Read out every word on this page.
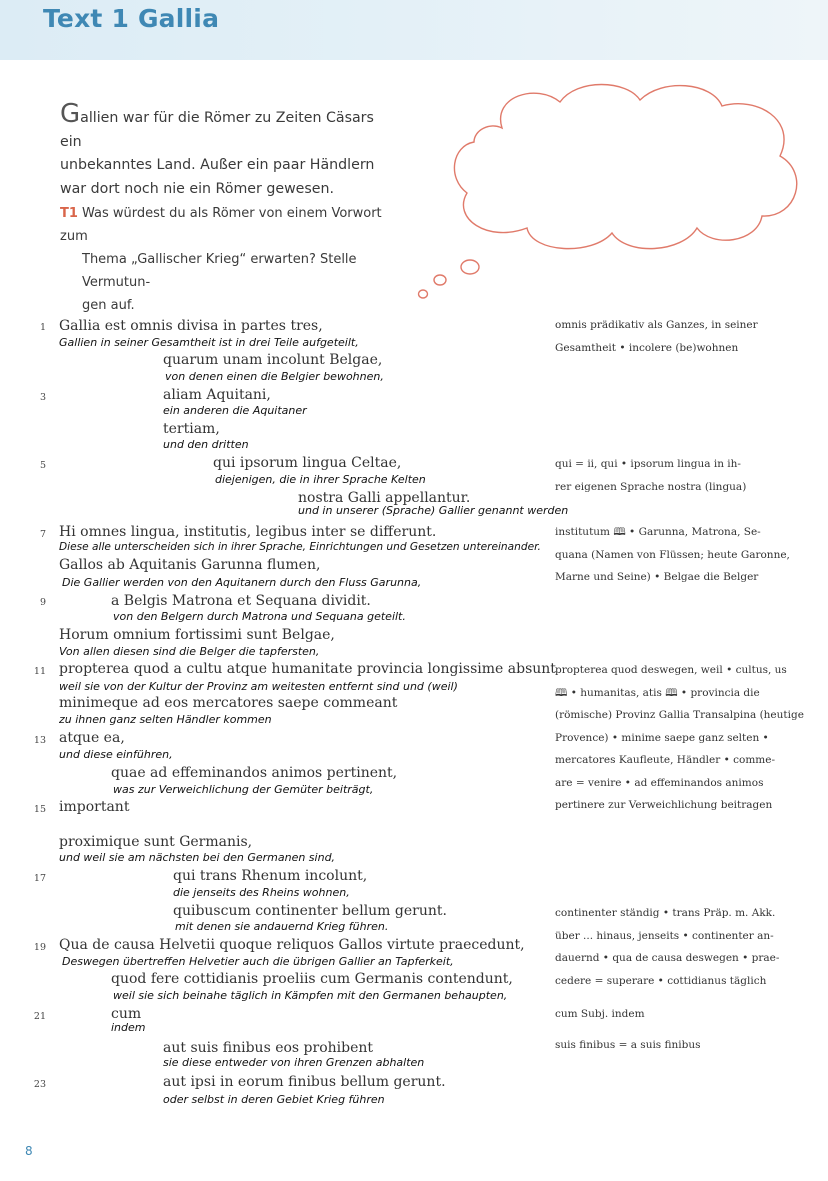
Text 1 Gallia
Gallien war für die Römer zu Zeiten Cäsars ein
unbekanntes Land. Außer ein paar Händlern
war dort noch nie ein Römer gewesen.
T1 Was würdest du als Römer von einem Vorwort zum
Thema „Gallischer Krieg“ erwarten? Stelle Vermutun-
gen auf.
1
3
5
7
9
11
13
15
17
19
21
23
Gallia est omnis divisa in partes tres,
quarum unam incolunt Belgae,
aliam Aquitani,
tertiam,
qui ipsorum lingua Celtae,
nostra Galli appellantur.
Hi omnes lingua, institutis, legibus inter se differunt.
Gallos ab Aquitanis Garunna flumen,
a Belgis Matrona et Sequana dividit.
Horum omnium fortissimi sunt Belgae,
propterea quod a cultu atque humanitate provincia longissime absunt
minimeque ad eos mercatores saepe commeant
atque ea,
quae ad effeminandos animos pertinent,
important
proximique sunt Germanis,
qui trans Rhenum incolunt,
quibuscum continenter bellum gerunt.
Qua de causa Helvetii quoque reliquos Gallos virtute praecedunt,
quod fere cottidianis proeliis cum Germanis contendunt,
cum
aut suis finibus eos prohibent
aut ipsi in eorum finibus bellum gerunt.
Gallien in seiner Gesamtheit ist in drei Teile aufgeteilt,
von denen einen die Belgier bewohnen,
ein anderen die Aquitaner
und den dritten
diejenigen, die in ihrer Sprache Kelten
und in unserer (Sprache) Gallier genannt werden
Diese alle unterscheiden sich in ihrer Sprache, Einrichtungen und Gesetzen untereinander.
Die Gallier werden von den Aquitanern durch den Fluss Garunna,
von den Belgern durch Matrona und Sequana geteilt.
Von allen diesen sind die Belger die tapfersten,
weil sie von der Kultur der Provinz am weitesten entfernt sind und (weil)
zu ihnen ganz selten Händler kommen
und diese einführen,
was zur Verweichlichung der Gemüter beiträgt,
und weil sie am nächsten bei den Germanen sind,
die jenseits des Rheins wohnen,
mit denen sie andauernd Krieg führen.
Deswegen übertreffen Helvetier auch die übrigen Gallier an Tapferkeit,
weil sie sich beinahe täglich in Kämpfen mit den Germanen behaupten,
indem
sie diese entweder von ihren Grenzen abhalten
oder selbst in deren Gebiet Krieg führen
omnis prädikativ als Ganzes, in seiner
Gesamtheit • incolere (be)wohnen
qui = ii, qui • ipsorum lingua in ih-
rer eigenen Sprache nostra (lingua)
institutum 🕮 • Garunna, Matrona, Se-
quana (Namen von Flüssen; heute Garonne,
Marne und Seine) • Belgae die Belger
propterea quod deswegen, weil • cultus, us
🕮 • humanitas, atis 🕮 • provincia die
(römische) Provinz Gallia Transalpina (heutige
Provence) • minime saepe ganz selten •
mercatores Kaufleute, Händler • comme-
are = venire • ad effeminandos animos
pertinere zur Verweichlichung beitragen
continenter ständig • trans Präp. m. Akk.
über ... hinaus, jenseits • continenter an-
dauernd • qua de causa deswegen • prae-
cedere = superare • cottidianus täglich
cum Subj. indem
suis finibus = a suis finibus
8
